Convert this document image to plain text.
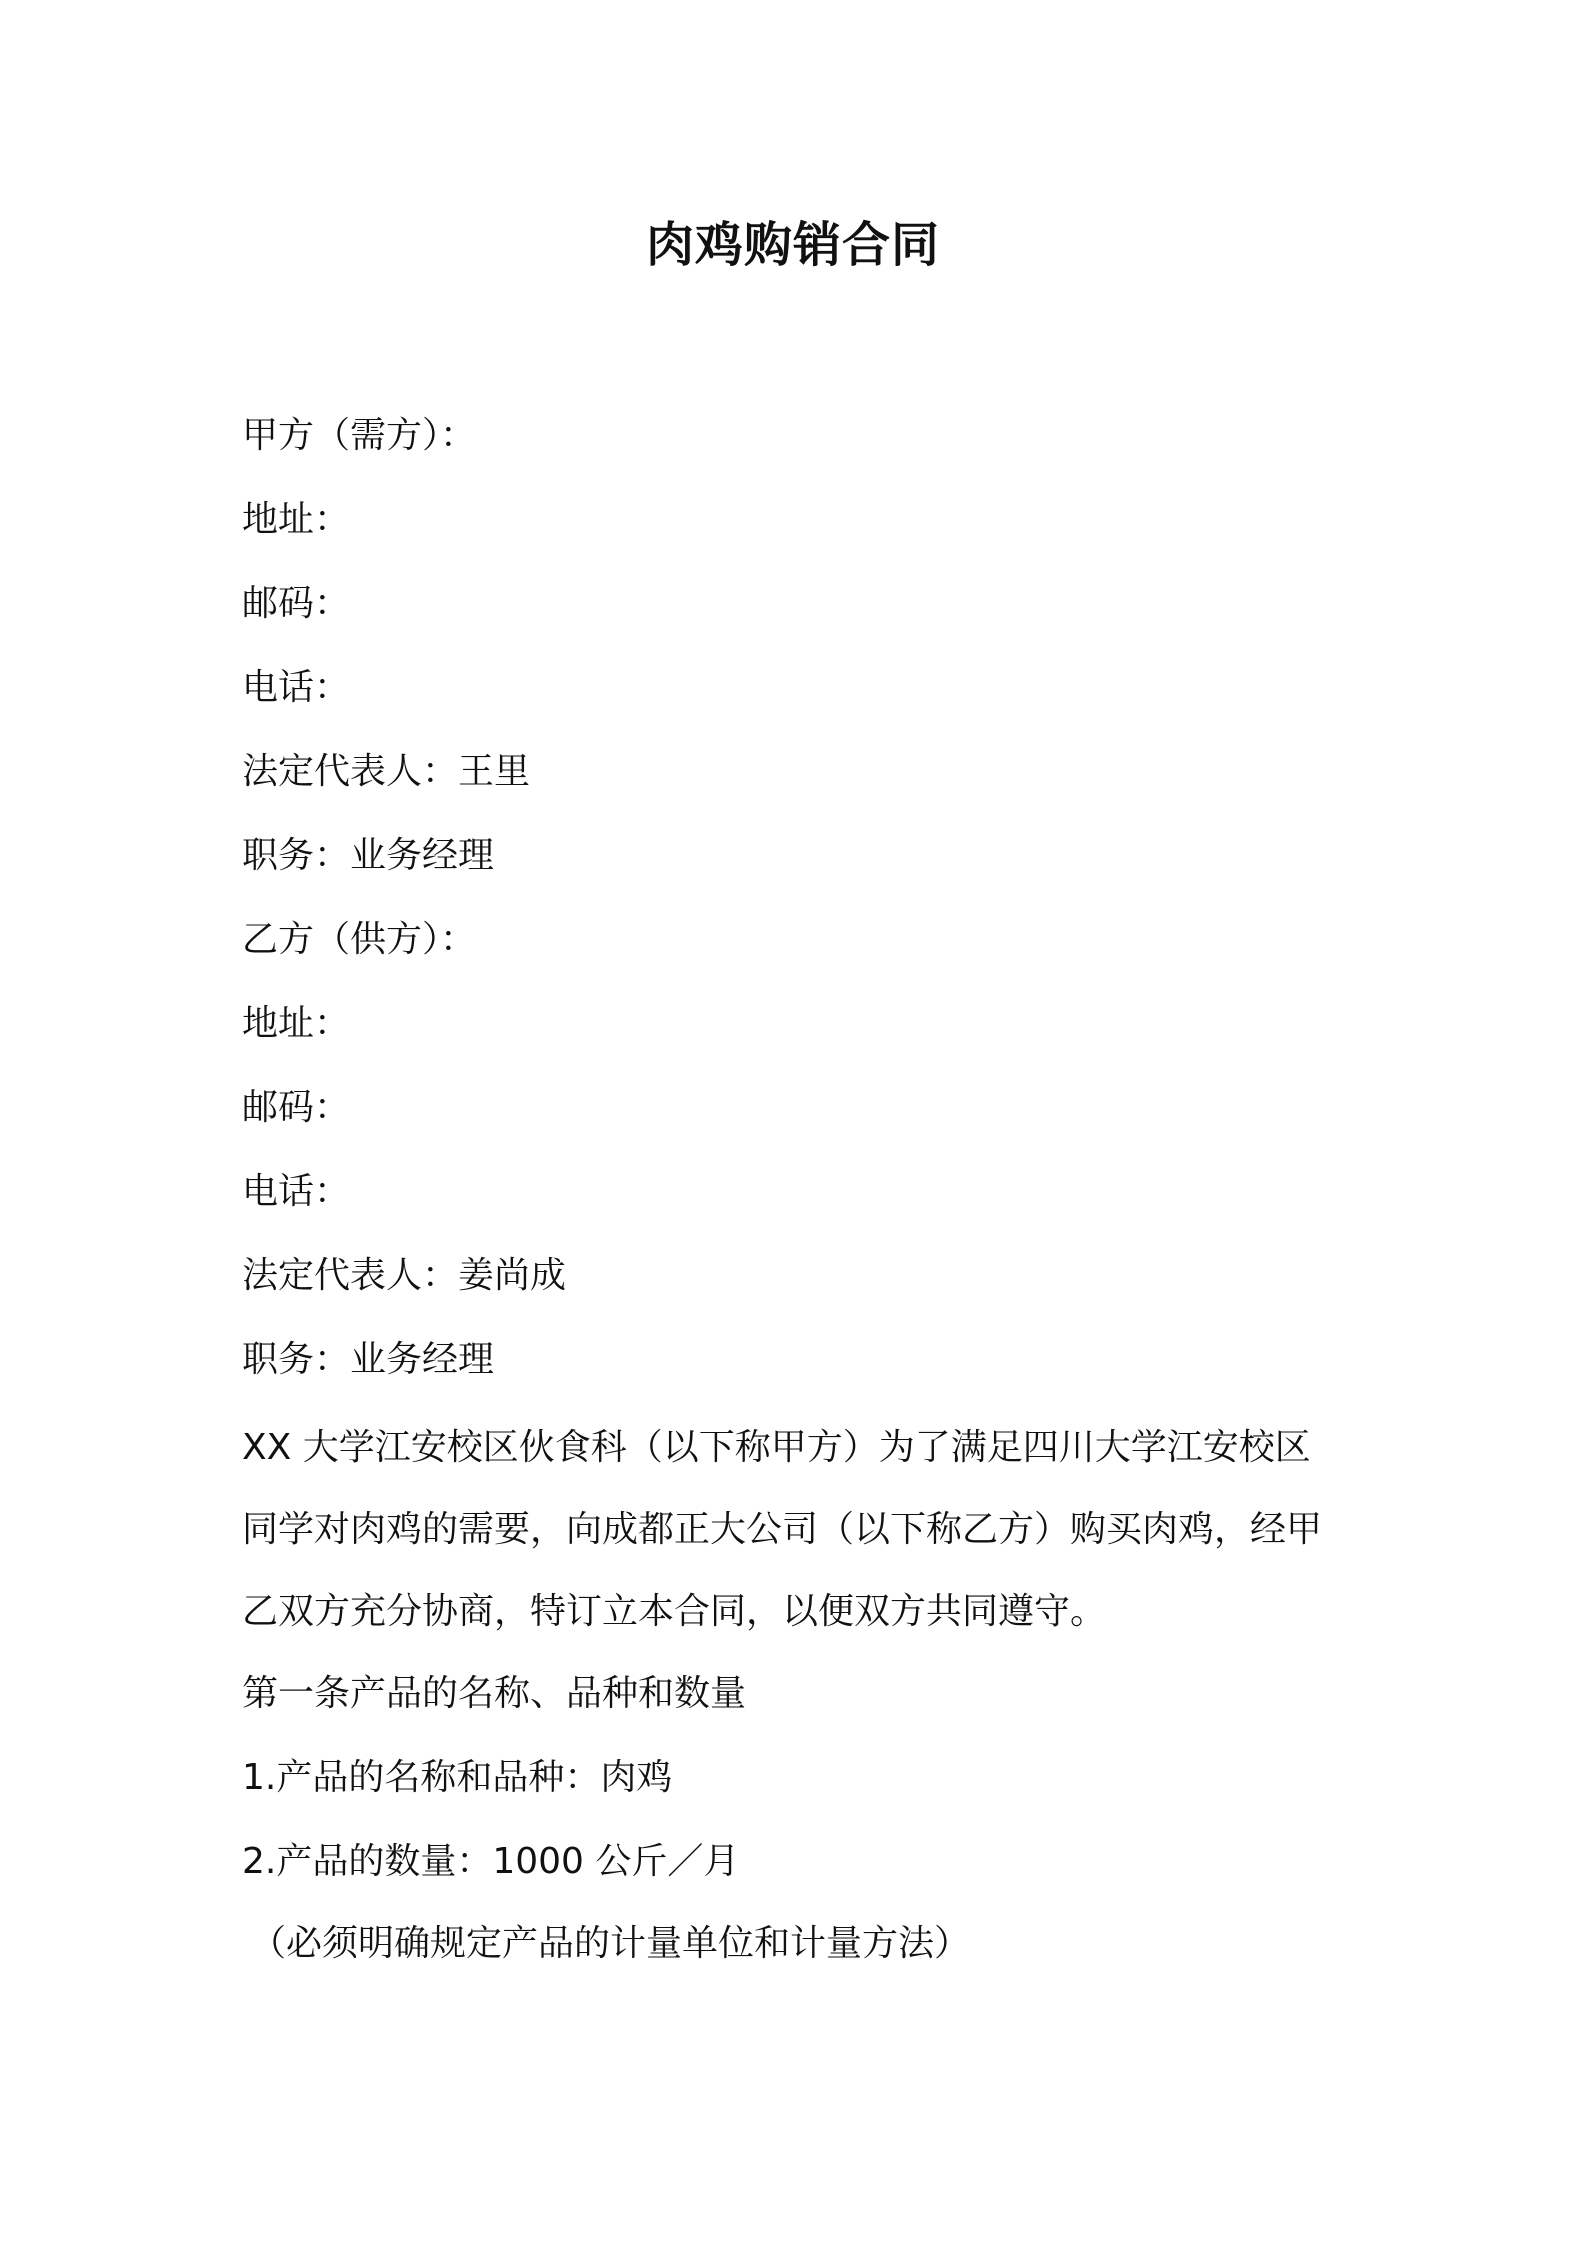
肉鸡购销合同
甲方（需方）：
地址：
邮码：
电话：
法定代表人：王里
职务：业务经理
乙方（供方）：
地址：
邮码：
电话：
法定代表人：姜尚成
职务：业务经理
XX 大学江安校区伙食科（以下称甲方）为了满足四川大学江安校区
同学对肉鸡的需要，向成都正大公司（以下称乙方）购买肉鸡，经甲
乙双方充分协商，特订立本合同，以便双方共同遵守。
第一条产品的名称、品种和数量
1.产品的名称和品种：肉鸡
2.产品的数量：1000 公斤／月
（必须明确规定产品的计量单位和计量方法）
